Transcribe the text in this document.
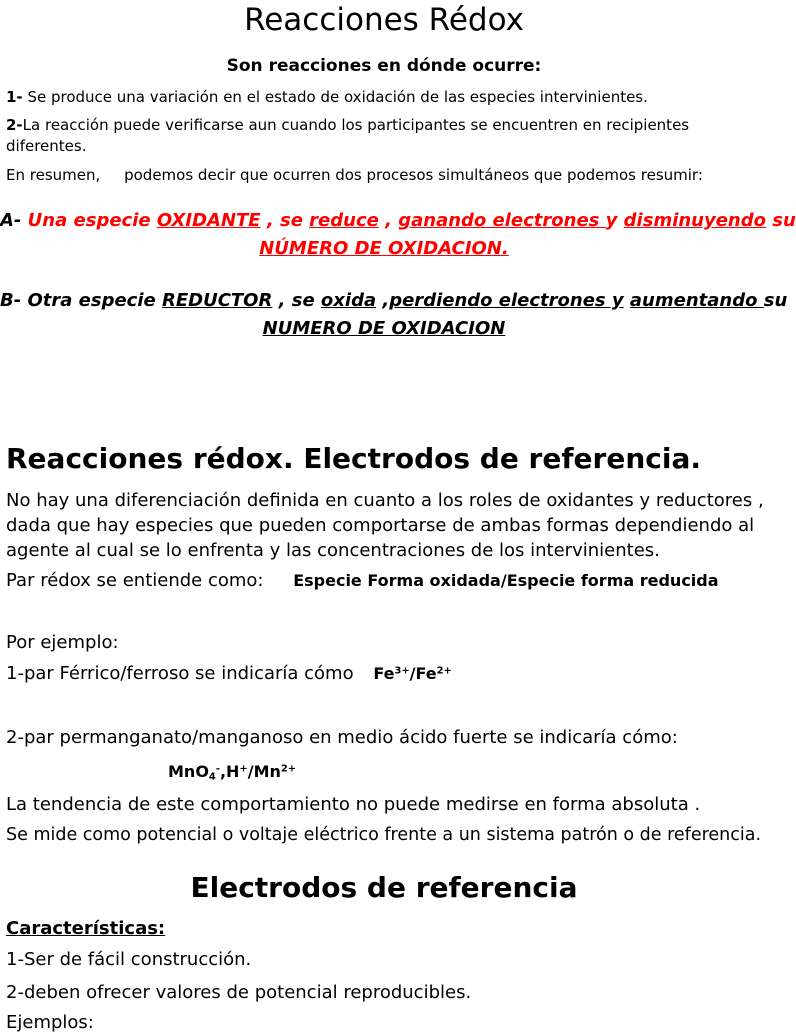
Reacciones Rédox
Son reacciones en dónde ocurre:
1- Se produce una variación en el estado de oxidación de las especies intervinientes.
2-La reacción puede verificarse aun cuando los participantes se encuentren en recipientes
diferentes.
En resumen,     podemos decir que ocurren dos procesos simultáneos que podemos resumir:
A- Una especie OXIDANTE , se reduce , ganando electrones y disminuyendo su
NÚMERO DE OXIDACION.
B- Otra especie REDUCTOR , se oxida ,perdiendo electrones y aumentando su
NUMERO DE OXIDACION
Reacciones rédox. Electrodos de referencia.
No hay una diferenciación definida en cuanto a los roles de oxidantes y reductores ,
dada que hay especies que pueden comportarse de ambas formas dependiendo al
agente al cual se lo enfrenta y las concentraciones de los intervinientes.
Par rédox se entiende como: Especie Forma oxidada/Especie forma reducida
Por ejemplo:
1-par Férrico/ferroso se indicaría cómo $Fe^{3+}/Fe^{2+}$
2-par permanganato/manganoso en medio ácido fuerte se indicaría cómo:
$MnO_4^-,H^+/Mn^{2+}$
La tendencia de este comportamiento no puede medirse en forma absoluta .
Se mide como potencial o voltaje eléctrico frente a un sistema patrón o de referencia.
Electrodos de referencia
Características:
1-Ser de fácil construcción.
2-deben ofrecer valores de potencial reproducibles.
Ejemplos:
